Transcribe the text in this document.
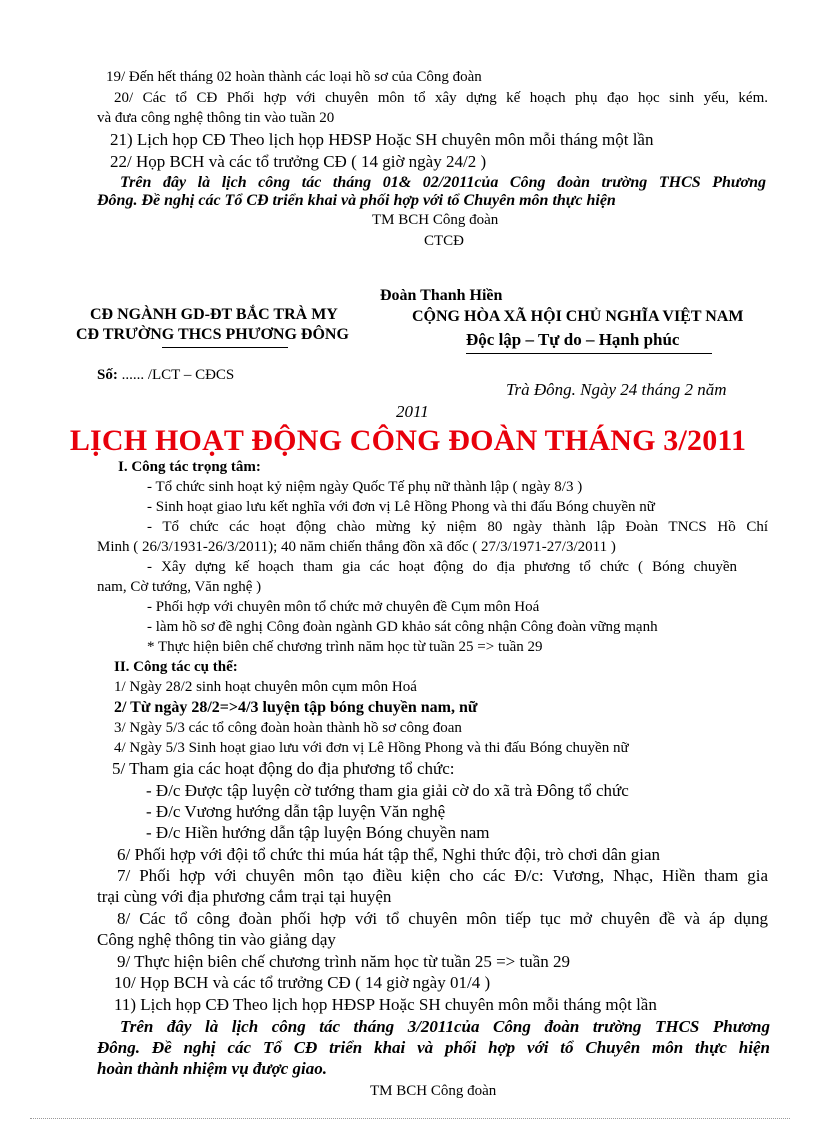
19/ Đến hết tháng 02 hoàn thành các loại hồ sơ của Công đoàn
20/ Các tổ CĐ Phối hợp với chuyên môn tổ xây dựng kế hoạch phụ đạo học sinh yếu, kém.
và đưa công nghệ thông tin vào tuần 20
21) Lịch họp CĐ Theo lịch họp HĐSP Hoặc SH chuyên môn mỗi tháng một lần
22/ Họp BCH và các tổ trưởng CĐ ( 14 giờ ngày 24/2 )
Trên đây là lịch công tác tháng 01& 02/2011của Công đoàn trường THCS Phương
Đông. Đề nghị các Tổ CĐ triển khai và phối hợp với tổ Chuyên môn thực hiện
TM BCH Công đoàn
CTCĐ
Đoàn Thanh Hiền
CĐ NGÀNH GD-ĐT BẮC TRÀ MY
CĐ TRƯỜNG THCS PHƯƠNG ĐÔNG
CỘNG HÒA XÃ HỘI CHỦ NGHĨA VIỆT NAM
Độc lập – Tự do – Hạnh phúc
Số: ...... /LCT – CĐCS
Trà Đông. Ngày 24 tháng 2 năm
2011
LỊCH HOẠT ĐỘNG CÔNG ĐOÀN THÁNG 3/2011
I. Công tác trọng tâm:
- Tổ chức sinh hoạt kỷ niệm ngày Quốc Tế phụ nữ thành lập ( ngày 8/3 )
- Sinh hoạt giao lưu kết nghĩa với đơn vị Lê Hồng Phong và thi đấu Bóng chuyền nữ
- Tổ chức các hoạt động chào mừng kỷ niệm 80 ngày thành lập Đoàn TNCS Hồ Chí
Minh ( 26/3/1931-26/3/2011); 40 năm chiến thắng đồn xã đốc ( 27/3/1971-27/3/2011 )
- Xây dựng kế hoạch tham gia các hoạt động do địa phương tổ chức ( Bóng chuyền
nam, Cờ tướng, Văn nghệ )
- Phối hợp với chuyên môn tổ chức mở chuyên đề Cụm môn Hoá
- làm hồ sơ đề nghị Công đoàn ngành GD khảo sát công nhận Công đoàn vững mạnh
* Thực hiện biên chế chương trình năm học từ tuần 25 => tuần 29
II. Công tác cụ thể:
1/ Ngày 28/2 sinh hoạt chuyên môn cụm môn Hoá
2/ Từ ngày 28/2=>4/3 luyện tập bóng chuyền nam, nữ
3/ Ngày 5/3 các tổ công đoàn hoàn thành hồ sơ công đoan
4/ Ngày 5/3 Sinh hoạt giao lưu với đơn vị Lê Hồng Phong và thi đấu Bóng chuyền nữ
5/ Tham gia các hoạt động do địa phương tổ chức:
- Đ/c Được tập luyện cờ tướng tham gia giải cờ do xã trà Đông tổ chức
- Đ/c Vương hướng dẫn tập luyện Văn nghệ
- Đ/c Hiền hướng dẫn tập luyện Bóng chuyền nam
6/ Phối hợp với đội tổ chức thi múa hát tập thể, Nghi thức đội, trò chơi dân gian
7/ Phối hợp với chuyên môn tạo điều kiện cho các Đ/c: Vương, Nhạc, Hiền tham gia
trại cùng với địa phương cắm trại tại huyện
8/ Các tổ công đoàn phối hợp với tổ chuyên môn tiếp tục mở chuyên đề và áp dụng
Công nghệ thông tin vào giảng dạy
9/ Thực hiện biên chế chương trình năm học từ tuần 25 => tuần 29
10/ Họp BCH và các tổ trưởng CĐ ( 14 giờ ngày 01/4 )
11) Lịch họp CĐ Theo lịch họp HĐSP Hoặc SH chuyên môn mỗi tháng một lần
Trên đây là lịch công tác tháng 3/2011của Công đoàn trường THCS Phương
Đông. Đề nghị các Tổ CĐ triển khai và phối hợp với tổ Chuyên môn thực hiện
hoàn thành nhiệm vụ được giao.
TM BCH Công đoàn
